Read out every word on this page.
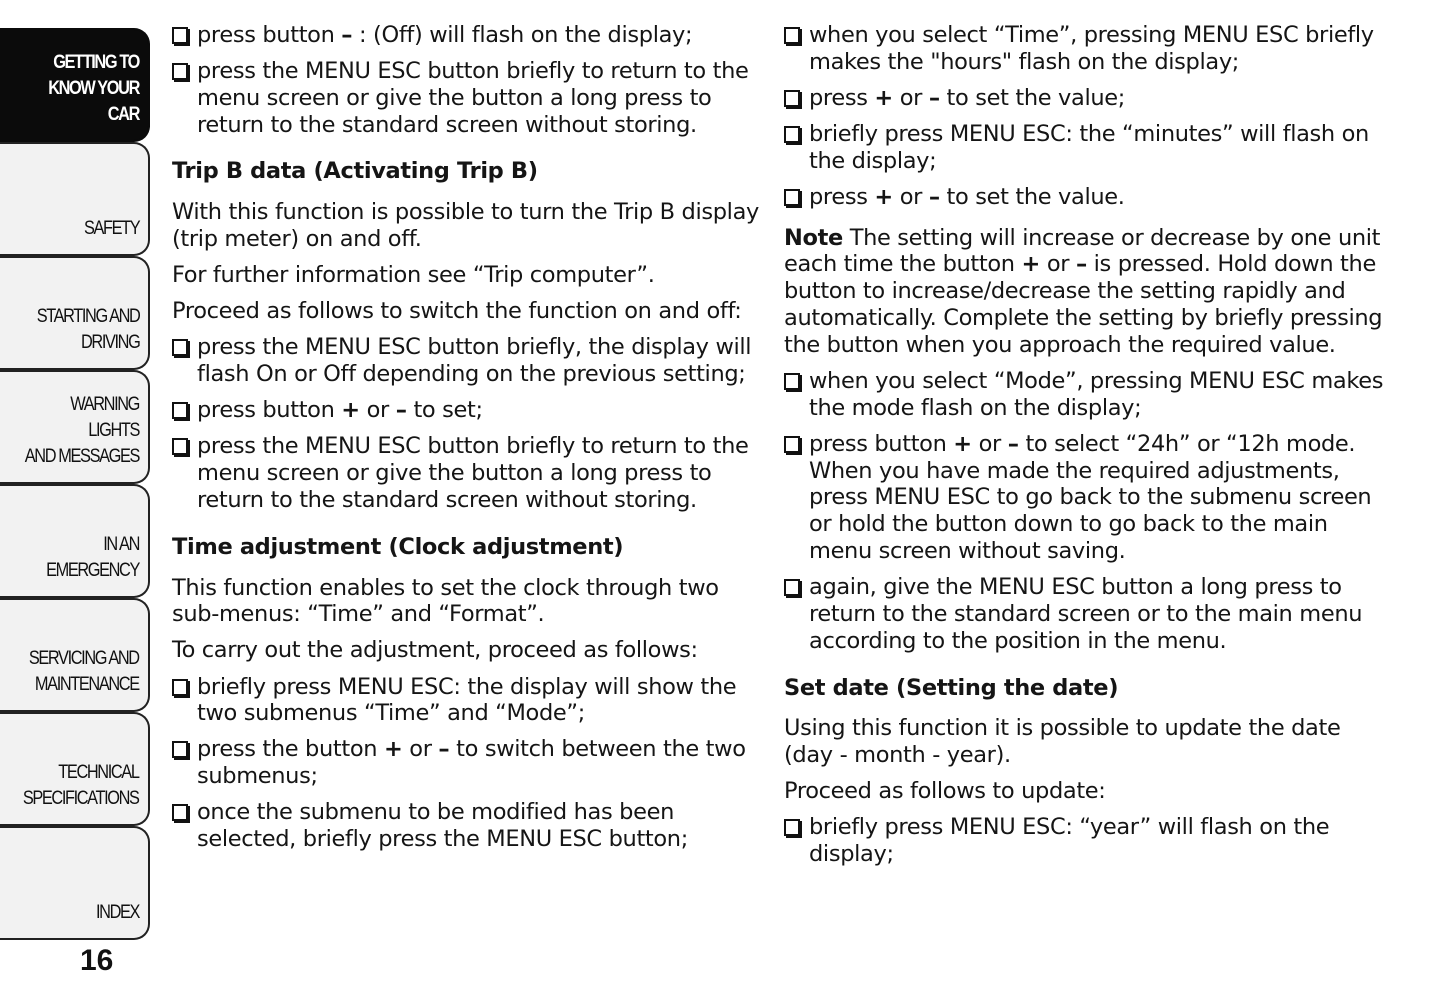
GETTING TO
KNOW YOUR CAR
SAFETY
STARTING AND
DRIVING
WARNING LIGHTS
AND MESSAGES
IN AN EMERGENCY
SERVICING AND
MAINTENANCE
TECHNICAL
SPECIFICATIONS
INDEX
16
press button – : (Off) will flash on the display;
press the MENU ESC button briefly to return to the menu screen or give the button a long press to return to the standard screen without storing.
Trip B data (Activating Trip B)
With this function is possible to turn the Trip B display (trip meter) on and off.
For further information see “Trip computer”.
Proceed as follows to switch the function on and off:
press the MENU ESC button briefly, the display will flash On or Off depending on the previous setting;
press button + or – to set;
press the MENU ESC button briefly to return to the menu screen or give the button a long press to return to the standard screen without storing.
Time adjustment (Clock adjustment)
This function enables to set the clock through two sub-menus: “Time” and “Format”.
To carry out the adjustment, proceed as follows:
briefly press MENU ESC: the display will show the two submenus “Time” and “Mode”;
press the button + or – to switch between the two submenus;
once the submenu to be modified has been selected, briefly press the MENU ESC button;
when you select “Time”, pressing MENU ESC briefly makes the "hours" flash on the display;
press + or – to set the value;
briefly press MENU ESC: the “minutes” will flash on the display;
press + or – to set the value.
Note The setting will increase or decrease by one unit each time the button + or – is pressed. Hold down the button to increase/decrease the setting rapidly and automatically. Complete the setting by briefly pressing the button when you approach the required value.
when you select “Mode”, pressing MENU ESC makes the mode flash on the display;
press button + or – to select “24h” or “12h mode. When you have made the required adjustments, press MENU ESC to go back to the submenu screen or hold the button down to go back to the main menu screen without saving.
again, give the MENU ESC button a long press to return to the standard screen or to the main menu according to the position in the menu.
Set date (Setting the date)
Using this function it is possible to update the date (day - month - year).
Proceed as follows to update:
briefly press MENU ESC: “year” will flash on the display;
